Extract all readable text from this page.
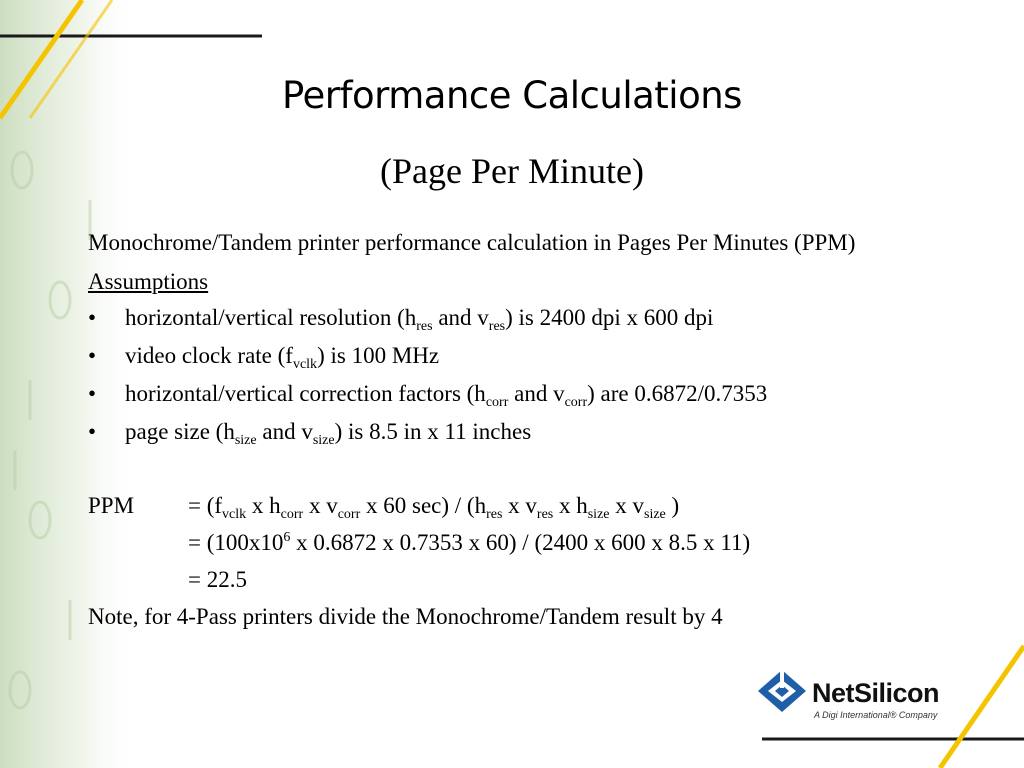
Performance Calculations
(Page Per Minute)

Monochrome/Tandem printer performance calculation in Pages Per Minutes (PPM)

Assumptions

•	horizontal/vertical resolution ($h_{res}$ and $v_{res}$) is 2400 dpi x 600 dpi
•	video clock rate $(f_{vclk})$ is 100 MHz
•	horizontal/vertical correction factors ($h_{corr}$ and $v_{corr}$) are 0.6872/0.7353
•	page size ($h_{size}$ and $v_{size}$) is 8.5 in x 11 inches
PPM	= ($f_{vclk}$ x $h_{corr}$ x $v_{corr}$ x 60 $\sec) / (h_{res}$ x $v_{res}$ x $h_{size}$ x $v_{size}$ )
= ($100x10^6$ x 0.6872 x 0.7353 x 60) / (2400 x 600 x 8.5 x 11)
= 22.5

Note, for 4-Pass printers divide the Monochrome/Tandem result by 4

NetSilicon
A Digi International® Company
